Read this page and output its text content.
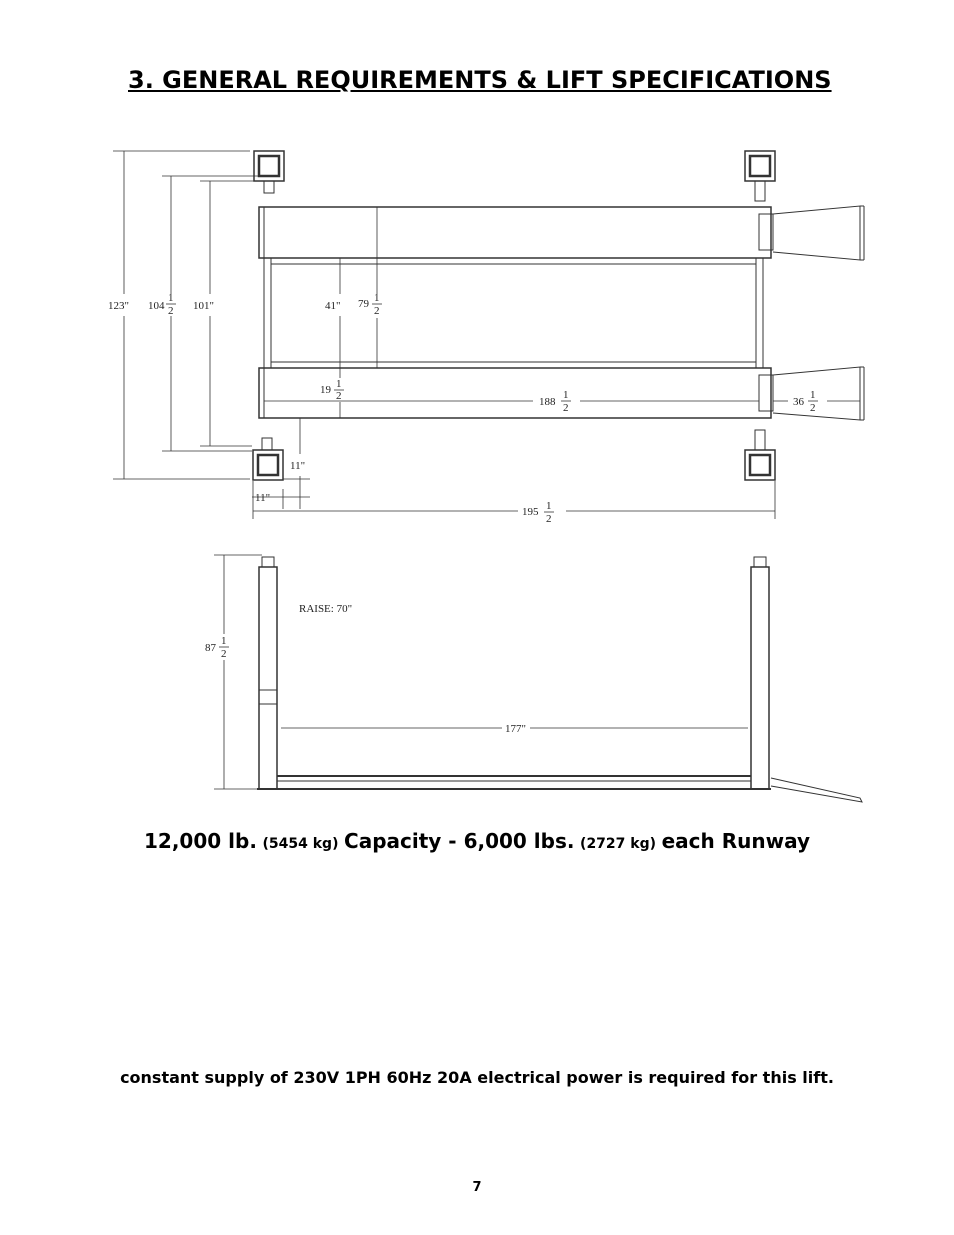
3. GENERAL REQUIREMENTS & LIFT SPECIFICATIONS
123" 104
1
2 101"	41" 79 1
2
19 1
2	188
1
2	36
1
2
11"
11"
195 1
2
87
1
2
RAISE: 70"
177"
12,000 lb. (5454 kg) Capacity - 6,000 lbs. (2727 kg) each Runway
constant supply of 230V 1PH 60Hz 20A electrical power is required for this lift.
7
